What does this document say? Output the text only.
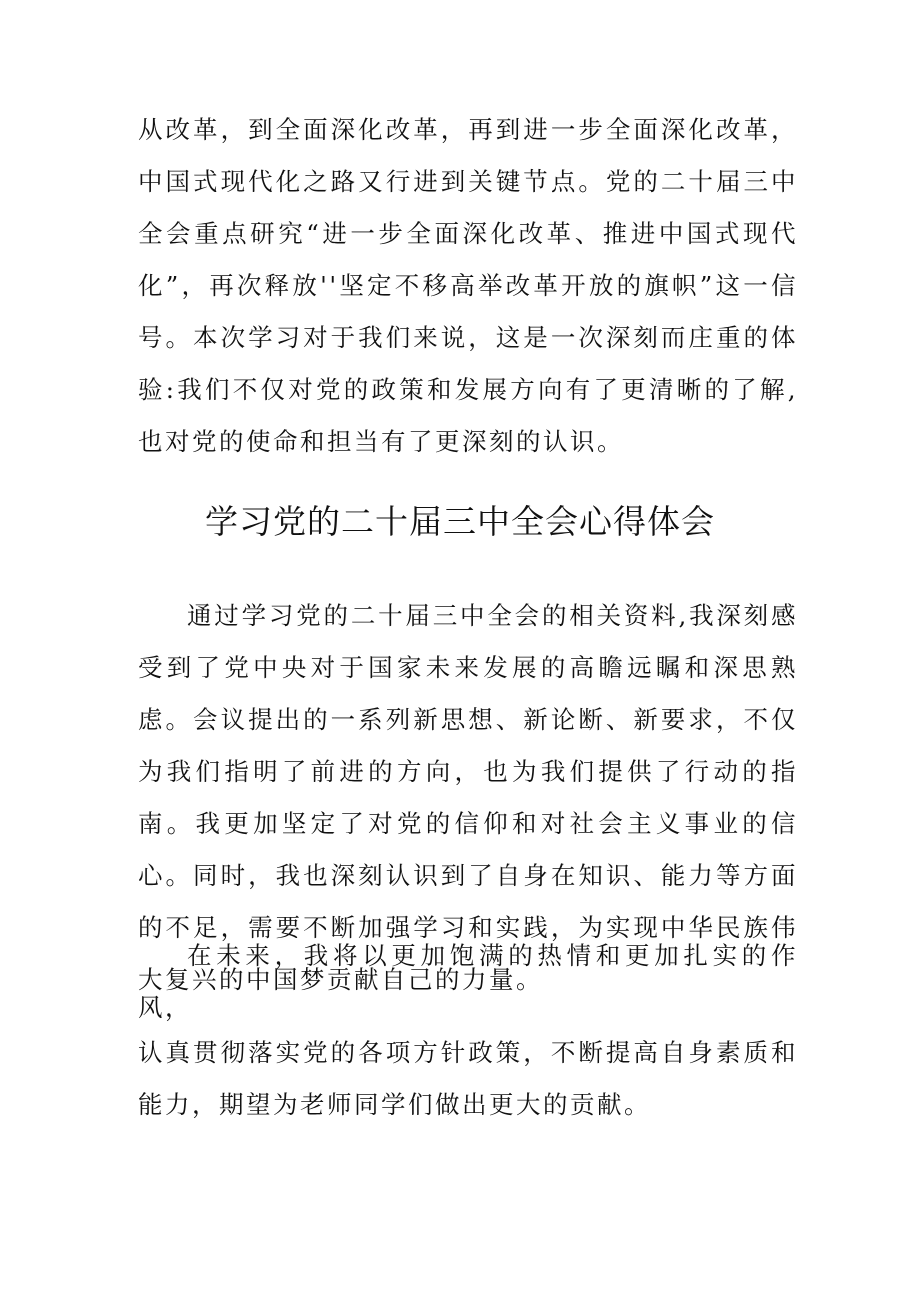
从改革，到全面深化改革，再到进一步全面深化改革，中国式现代化之路又行进到关键节点。党的二十届三中全会重点研究“进一步全面深化改革、推进中国式现代化”，再次释放''坚定不移高举改革开放的旗帜”这一信号。本次学习对于我们来说，这是一次深刻而庄重的体验:我们不仅对党的政策和发展方向有了更清晰的了解,也对党的使命和担当有了更深刻的认识。

学习党的二十届三中全会心得体会

通过学习党的二十届三中全会的相关资料,我深刻感受到了党中央对于国家未来发展的高瞻远瞩和深思熟虑。会议提出的一系列新思想、新论断、新要求，不仅为我们指明了前进的方向，也为我们提供了行动的指南。我更加坚定了对党的信仰和对社会主义事业的信心。同时，我也深刻认识到了自身在知识、能力等方面的不足，需要不断加强学习和实践，为实现中华民族伟大复兴的中国梦贡献自己的力量。

在未来，我将以更加饱满的热情和更加扎实的作风，

认真贯彻落实党的各项方针政策，不断提高自身素质和能力，期望为老师同学们做出更大的贡献。
